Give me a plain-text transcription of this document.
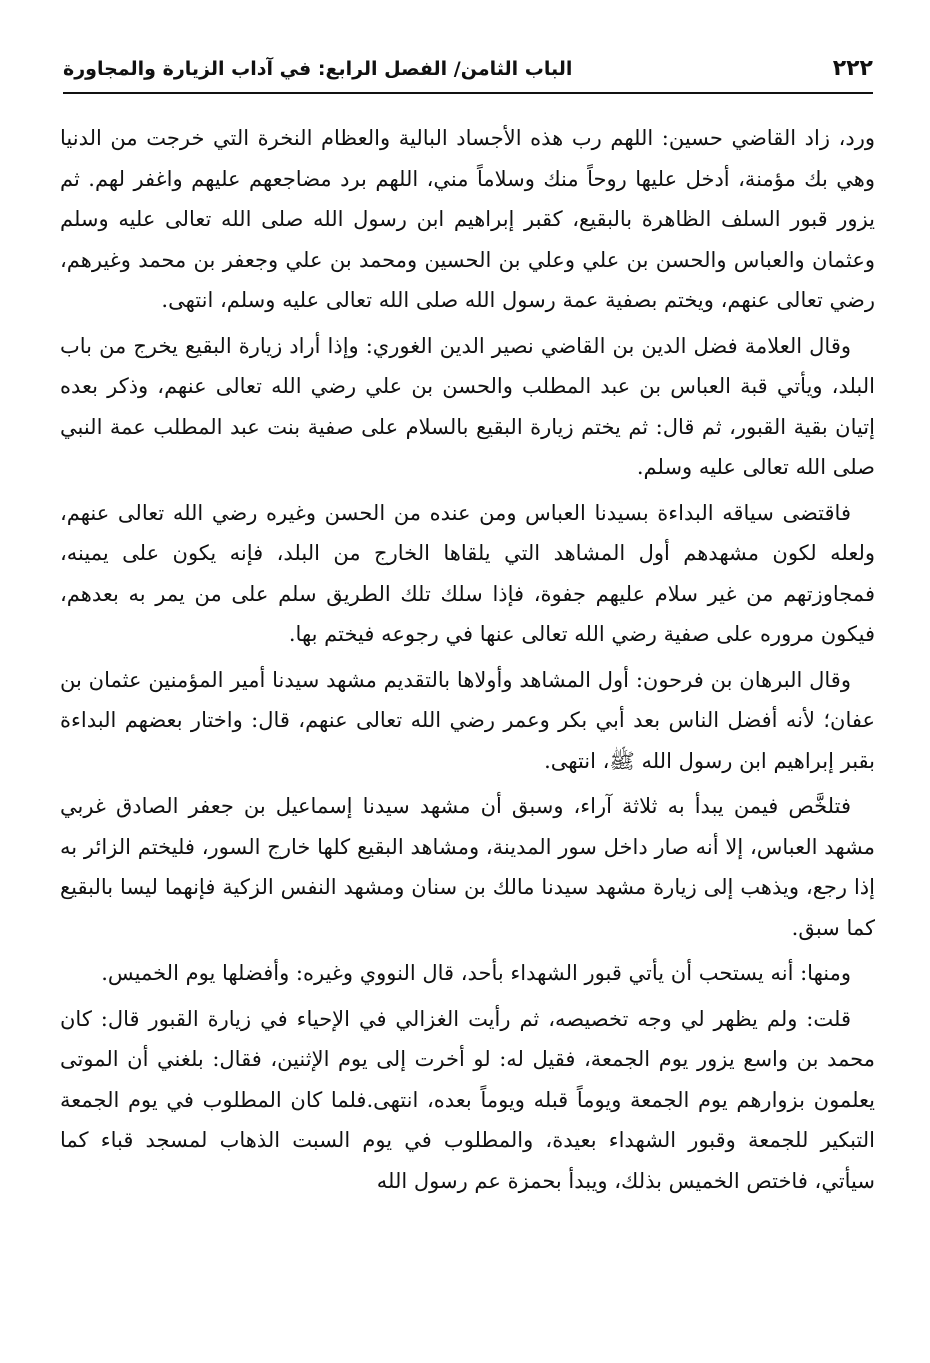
٢٢٢
الباب الثامن/ الفصل الرابع: في آداب الزيارة والمجاورة

ورد، زاد القاضي حسين: اللهم رب هذه الأجساد البالية والعظام النخرة التي خرجت من الدنيا وهي بك مؤمنة، أدخل عليها روحاً منك وسلاماً مني، اللهم برد مضاجعهم عليهم واغفر لهم. ثم يزور قبور السلف الظاهرة بالبقيع، كقبر إبراهيم ابن رسول الله صلى الله تعالى عليه وسلم وعثمان والعباس والحسن بن علي وعلي بن الحسين ومحمد بن علي وجعفر بن محمد وغيرهم، رضي تعالى عنهم، ويختم بصفية عمة رسول الله صلى الله تعالى عليه وسلم، انتهى.

وقال العلامة فضل الدين بن القاضي نصير الدين الغوري: وإذا أراد زيارة البقيع يخرج من باب البلد، ويأتي قبة العباس بن عبد المطلب والحسن بن علي رضي الله تعالى عنهم، وذكر بعده إتيان بقية القبور، ثم قال: ثم يختم زيارة البقيع بالسلام على صفية بنت عبد المطلب عمة النبي صلى الله تعالى عليه وسلم.

فاقتضى سياقه البداءة بسيدنا العباس ومن عنده من الحسن وغيره رضي الله تعالى عنهم، ولعله لكون مشهدهم أول المشاهد التي يلقاها الخارج من البلد، فإنه يكون على يمينه، فمجاوزتهم من غير سلام عليهم جفوة، فإذا سلك تلك الطريق سلم على من يمر به بعدهم، فيكون مروره على صفية رضي الله تعالى عنها في رجوعه فيختم بها.

وقال البرهان بن فرحون: أول المشاهد وأولاها بالتقديم مشهد سيدنا أمير المؤمنين عثمان بن عفان؛ لأنه أفضل الناس بعد أبي بكر وعمر رضي الله تعالى عنهم، قال: واختار بعضهم البداءة بقبر إبراهيم ابن رسول الله ﷺ، انتهى.

فتلخَّص فيمن يبدأ به ثلاثة آراء، وسبق أن مشهد سيدنا إسماعيل بن جعفر الصادق غربي مشهد العباس، إلا أنه صار داخل سور المدينة، ومشاهد البقيع كلها خارج السور، فليختم الزائر به إذا رجع، ويذهب إلى زيارة مشهد سيدنا مالك بن سنان ومشهد النفس الزكية فإنهما ليسا بالبقيع كما سبق.

ومنها: أنه يستحب أن يأتي قبور الشهداء بأحد، قال النووي وغيره: وأفضلها يوم الخميس.

قلت: ولم يظهر لي وجه تخصيصه، ثم رأيت الغزالي في الإحياء في زيارة القبور قال: كان محمد بن واسع يزور يوم الجمعة، فقيل له: لو أخرت إلى يوم الإثنين، فقال: بلغني أن الموتى يعلمون بزوارهم يوم الجمعة ويوماً قبله ويوماً بعده، انتهى.فلما كان المطلوب في يوم الجمعة التبكير للجمعة وقبور الشهداء بعيدة، والمطلوب في يوم السبت الذهاب لمسجد قباء كما سيأتي، فاختص الخميس بذلك، ويبدأ بحمزة عم رسول الله
